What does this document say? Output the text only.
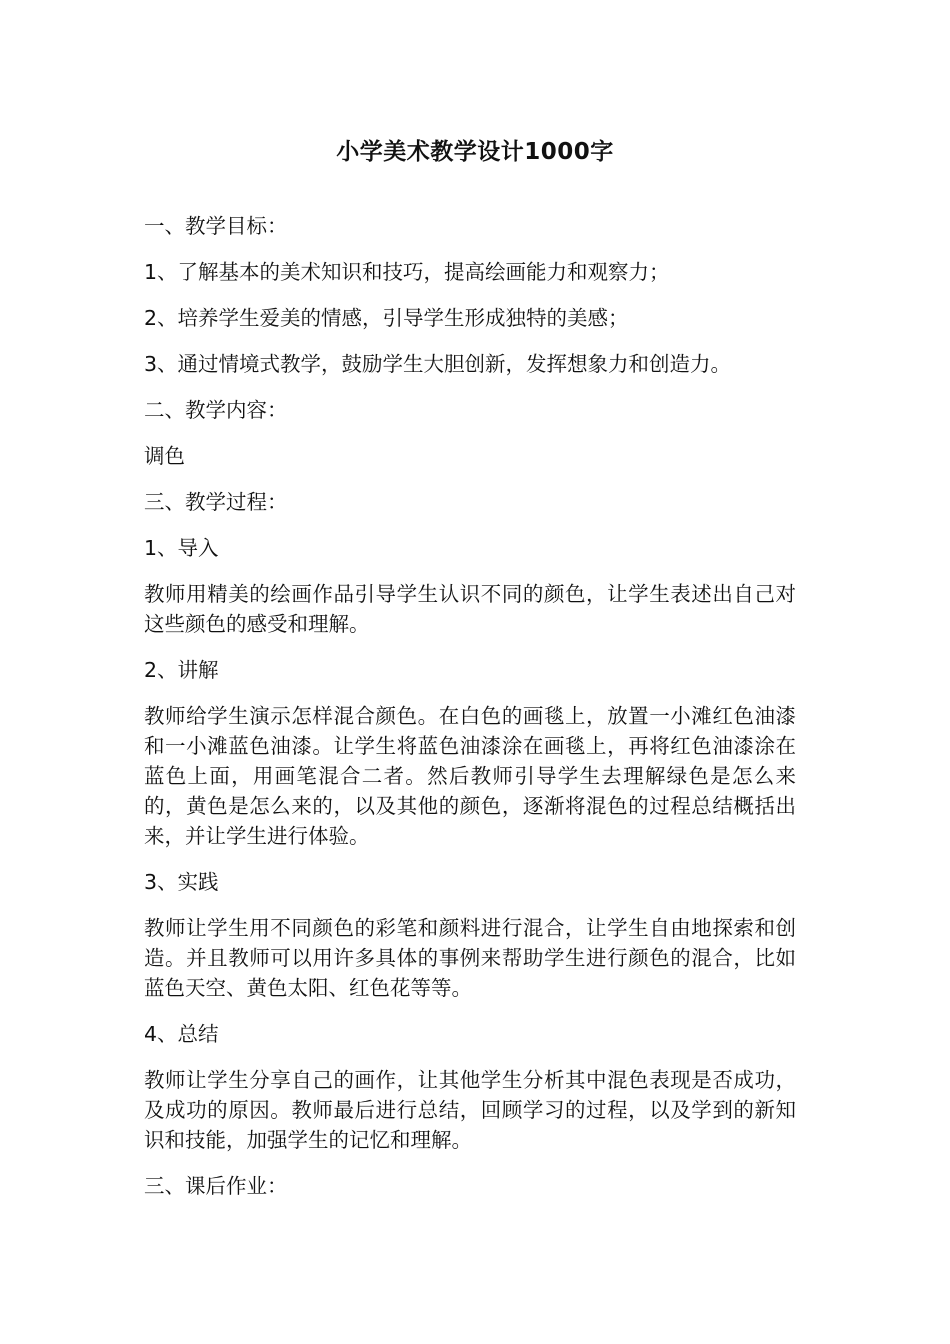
小学美术教学设计1000字

一、教学目标：

1、了解基本的美术知识和技巧，提高绘画能力和观察力；

2、培养学生爱美的情感，引导学生形成独特的美感；

3、通过情境式教学，鼓励学生大胆创新，发挥想象力和创造力。

二、教学内容：

调色

三、教学过程：

1、导入

教师用精美的绘画作品引导学生认识不同的颜色，让学生表述出自己对这些颜色的感受和理解。

2、讲解

教师给学生演示怎样混合颜色。在白色的画毯上，放置一小滩红色油漆和一小滩蓝色油漆。让学生将蓝色油漆涂在画毯上，再将红色油漆涂在蓝色上面，用画笔混合二者。然后教师引导学生去理解绿色是怎么来的，黄色是怎么来的，以及其他的颜色，逐渐将混色的过程总结概括出来，并让学生进行体验。

3、实践

教师让学生用不同颜色的彩笔和颜料进行混合，让学生自由地探索和创造。并且教师可以用许多具体的事例来帮助学生进行颜色的混合，比如蓝色天空、黄色太阳、红色花等等。

4、总结

教师让学生分享自己的画作，让其他学生分析其中混色表现是否成功，及成功的原因。教师最后进行总结，回顾学习的过程，以及学到的新知识和技能，加强学生的记忆和理解。

三、课后作业：
